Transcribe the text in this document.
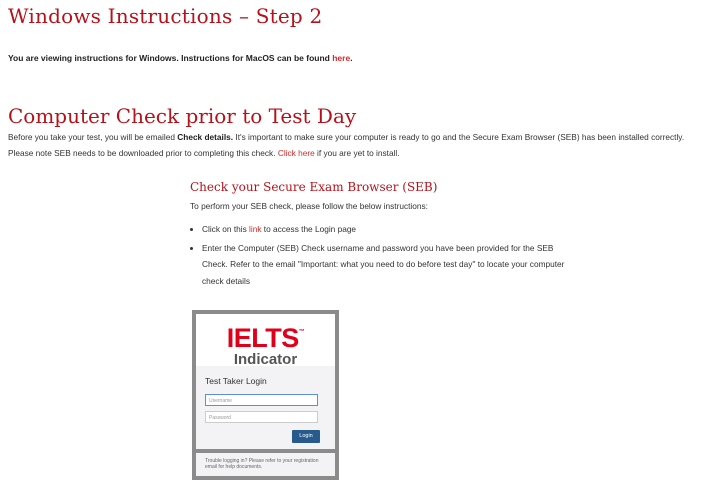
Windows Instructions – Step 2
You are viewing instructions for Windows. Instructions for MacOS can be found here.
Computer Check prior to Test Day
Before you take your test, you will be emailed Check details. It's important to make sure your computer is ready to go and the Secure Exam Browser (SEB) has been installed correctly. Please note SEB needs to be downloaded prior to completing this check. Click here if you are yet to install.
Check your Secure Exam Browser (SEB)
To perform your SEB check, please follow the below instructions:
• Click on this link to access the Login page
• Enter the Computer (SEB) Check username and password you have been provided for the SEB Check. Refer to the email "Important: what you need to do before test day" to locate your computer check details
IELTS™
Indicator
Test Taker Login
Username
Password
Login
Trouble logging in? Please refer to your registration email for help documents.
